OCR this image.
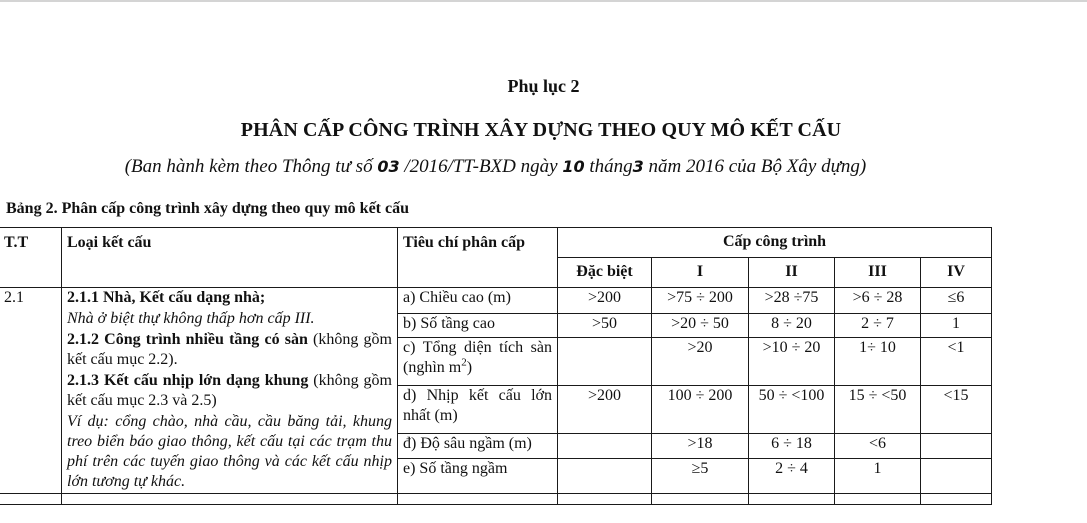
Phụ lục 2
PHÂN CẤP CÔNG TRÌNH XÂY DỰNG THEO QUY MÔ KẾT CẤU
(Ban hành kèm theo Thông tư số 03 /2016/TT-BXD ngày 10 tháng3 năm 2016 của Bộ Xây dựng)
Bảng 2. Phân cấp công trình xây dựng theo quy mô kết cấu
T.T	Loại kết cấu	Tiêu chí phân cấp	Cấp công trình				
			Đặc biệt	I	II	III	IV
2.1	2.1.1 Nhà, Kết cấu dạng nhà;

Nhà ở biệt thự không thấp hơn cấp III.

2.1.2 Công trình nhiều tầng có sàn (không gồm kết cấu mục 2.2).

2.1.3 Kết cấu nhịp lớn dạng khung (không gồm kết cấu mục 2.3 và 2.5)

Ví dụ: cổng chào, nhà cầu, cầu băng tải, khung treo biển báo giao thông, kết cấu tại các trạm thu phí trên các tuyến giao thông và các kết cấu nhịp lớn tương tự khác.	a) Chiều cao (m)	>200	>75 ÷ 200	>28 ÷75	>6 ÷ 28	≤6
		b) Số tầng cao	>50	>20 ÷ 50	8 ÷ 20	2 ÷ 7	1
		c) Tổng diện tích sàn (nghìn $m^2$)		>20	>10 ÷ 20	1÷ 10	<1
		d) Nhịp kết cấu lớn nhất (m)	>200	100 ÷ 200	50 ÷ <100	15 ÷ <50	<15
		đ) Độ sâu ngầm (m)		>18	6 ÷ 18	<6	
		e) Số tầng ngầm		≥5	2 ÷ 4	1	
